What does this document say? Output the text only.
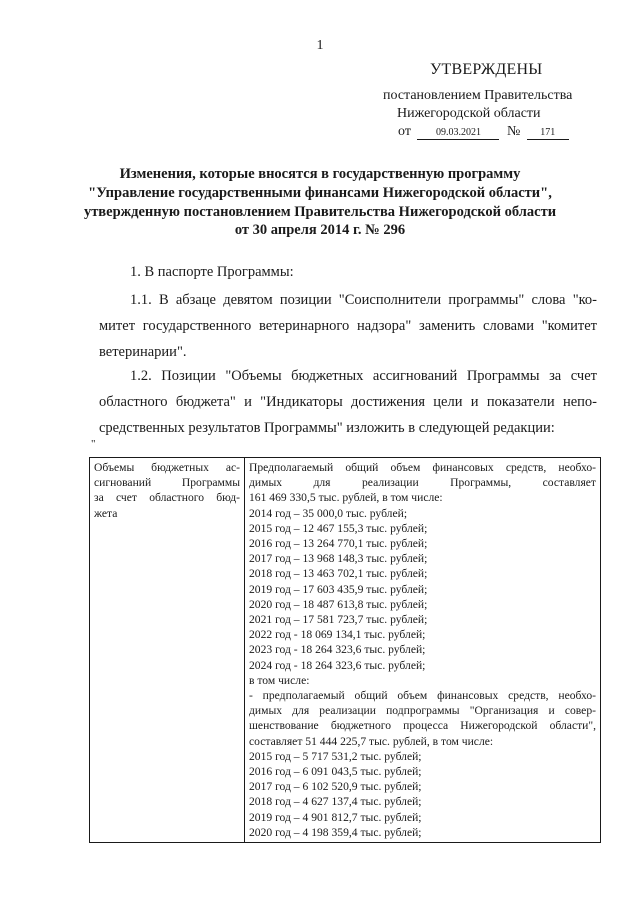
1
УТВЕРЖДЕНЫ
постановлением Правительства
Нижегородской области
от	09.03.2021 № 171
Изменения, которые вносятся в государственную программу
"Управление государственными финансами Нижегородской области",
утвержденную постановлением Правительства Нижегородской области
от 30 апреля 2014 г. № 296
1. В паспорте Программы:
1.1. В абзаце девятом позиции "Соисполнители программы" слова "ко-
митет государственного ветеринарного надзора" заменить словами "комитет
ветеринарии".
1.2. Позиции "Объемы бюджетных ассигнований Программы за счет
областного бюджета" и "Индикаторы достижения цели и показатели непо-
средственных результатов Программы" изложить в следующей редакции:
"
Объемы бюджетных ас-
сигнований Программы
за счет областного бюд-
жета

Предполагаемый общий объем финансовых средств, необхо-
димых для реализации Программы, составляет
161 469 330,5 тыс. рублей, в том числе:
2014 год – 35 000,0 тыс. рублей;
2015 год – 12 467 155,3 тыс. рублей;
2016 год – 13 264 770,1 тыс. рублей;
2017 год – 13 968 148,3 тыс. рублей;
2018 год – 13 463 702,1 тыс. рублей;
2019 год – 17 603 435,9 тыс. рублей;
2020 год – 18 487 613,8 тыс. рублей;
2021 год – 17 581 723,7 тыс. рублей;
2022 год - 18 069 134,1 тыс. рублей;
2023 год - 18 264 323,6 тыс. рублей;
2024 год - 18 264 323,6 тыс. рублей;
в том числе:
- предполагаемый общий объем финансовых средств, необхо-
димых для реализации подпрограммы "Организация и совер-
шенствование бюджетного процесса Нижегородской области",
составляет 51 444 225,7 тыс. рублей, в том числе:
2015 год – 5 717 531,2 тыс. рублей;
2016 год – 6 091 043,5 тыс. рублей;
2017 год – 6 102 520,9 тыс. рублей;
2018 год – 4 627 137,4 тыс. рублей;
2019 год – 4 901 812,7 тыс. рублей;
2020 год – 4 198 359,4 тыс. рублей;
